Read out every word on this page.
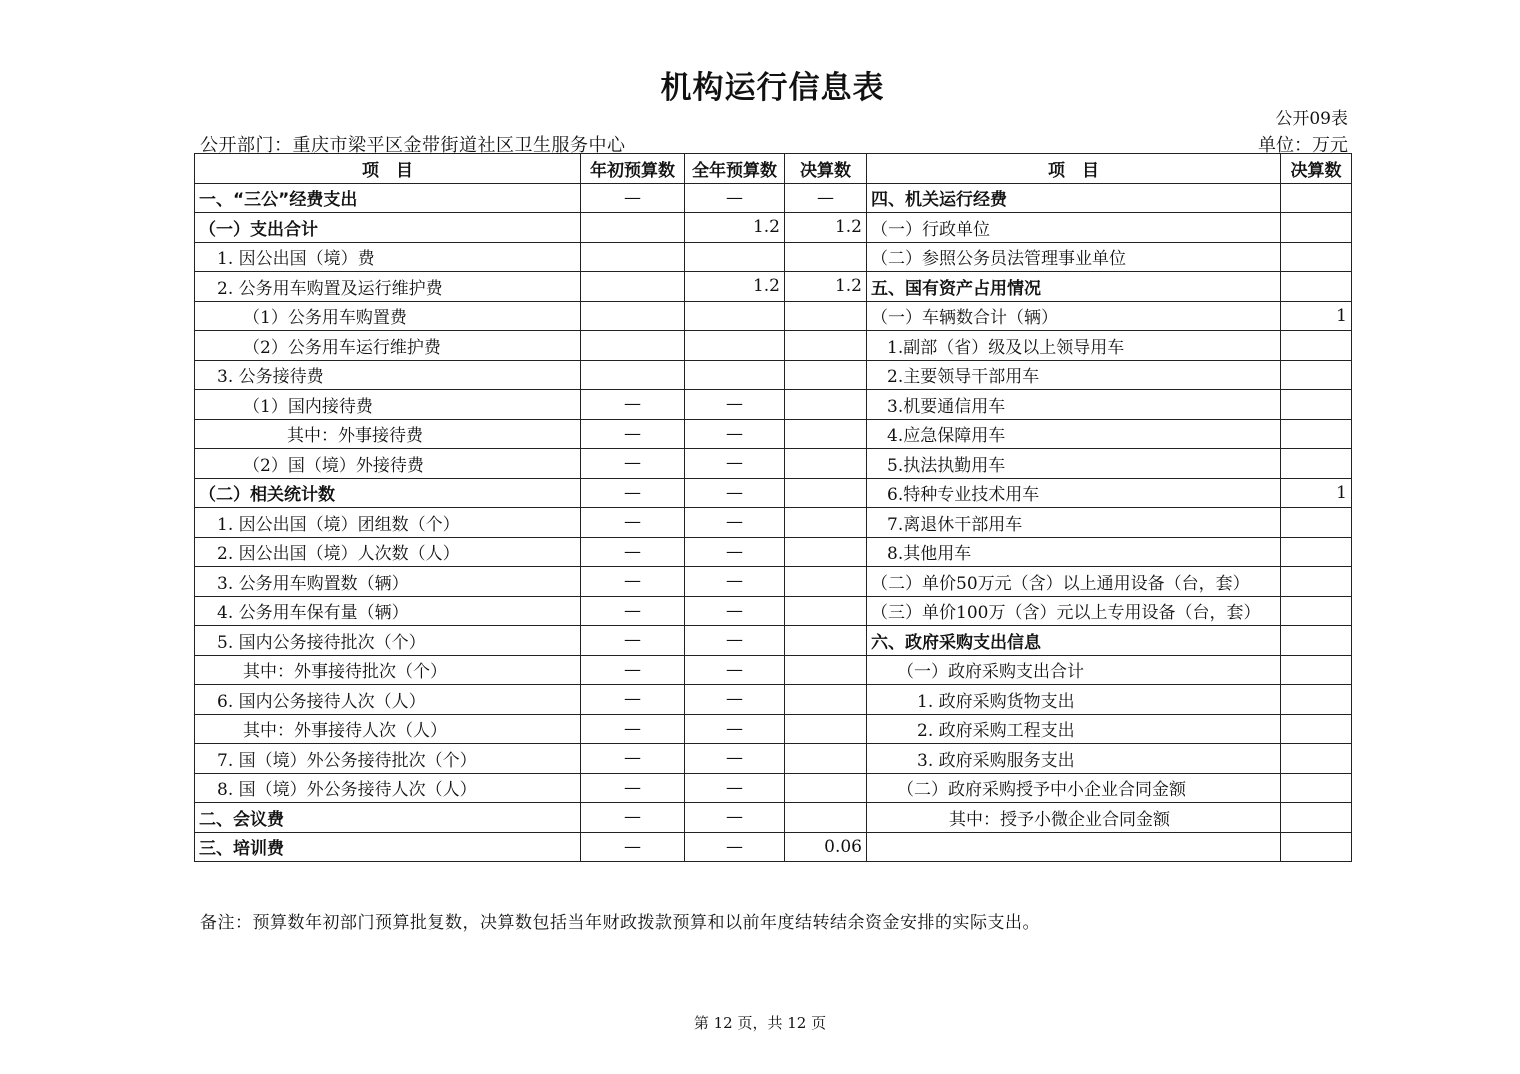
机构运行信息表
公开09表
公开部门：重庆市梁平区金带街道社区卫生服务中心	单位：万元
项　目	年初预算数	全年预算数	决算数	项　目	决算数
一、“三公”经费支出	—	—	—	四、机关运行经费	
（一）支出合计		1.2	1.2	（一）行政单位	
1. 因公出国（境）费				（二）参照公务员法管理事业单位	
2. 公务用车购置及运行维护费		1.2	1.2	五、国有资产占用情况	
（1）公务用车购置费				（一）车辆数合计（辆）	1
（2）公务用车运行维护费				1.副部（省）级及以上领导用车	
3. 公务接待费				2.主要领导干部用车	
（1）国内接待费	—	—		3.机要通信用车	
其中：外事接待费	—	—		4.应急保障用车	
（2）国（境）外接待费	—	—		5.执法执勤用车	
（二）相关统计数	—	—		6.特种专业技术用车	1
1. 因公出国（境）团组数（个）	—	—		7.离退休干部用车	
2. 因公出国（境）人次数（人）	—	—		8.其他用车	
3. 公务用车购置数（辆）	—	—		（二）单价50万元（含）以上通用设备（台，套）	
4. 公务用车保有量（辆）	—	—		（三）单价100万（含）元以上专用设备（台，套）	
5. 国内公务接待批次（个）	—	—		六、政府采购支出信息	
其中：外事接待批次（个）	—	—		（一）政府采购支出合计	
6. 国内公务接待人次（人）	—	—		1. 政府采购货物支出	
其中：外事接待人次（人）	—	—		2. 政府采购工程支出	
7. 国（境）外公务接待批次（个）	—	—		3. 政府采购服务支出	
8. 国（境）外公务接待人次（人）	—	—		（二）政府采购授予中小企业合同金额	
二、会议费	—	—		其中：授予小微企业合同金额	
三、培训费	—	—	0.06		
备注：预算数年初部门预算批复数，决算数包括当年财政拨款预算和以前年度结转结余资金安排的实际支出。
第 12 页，共 12 页
